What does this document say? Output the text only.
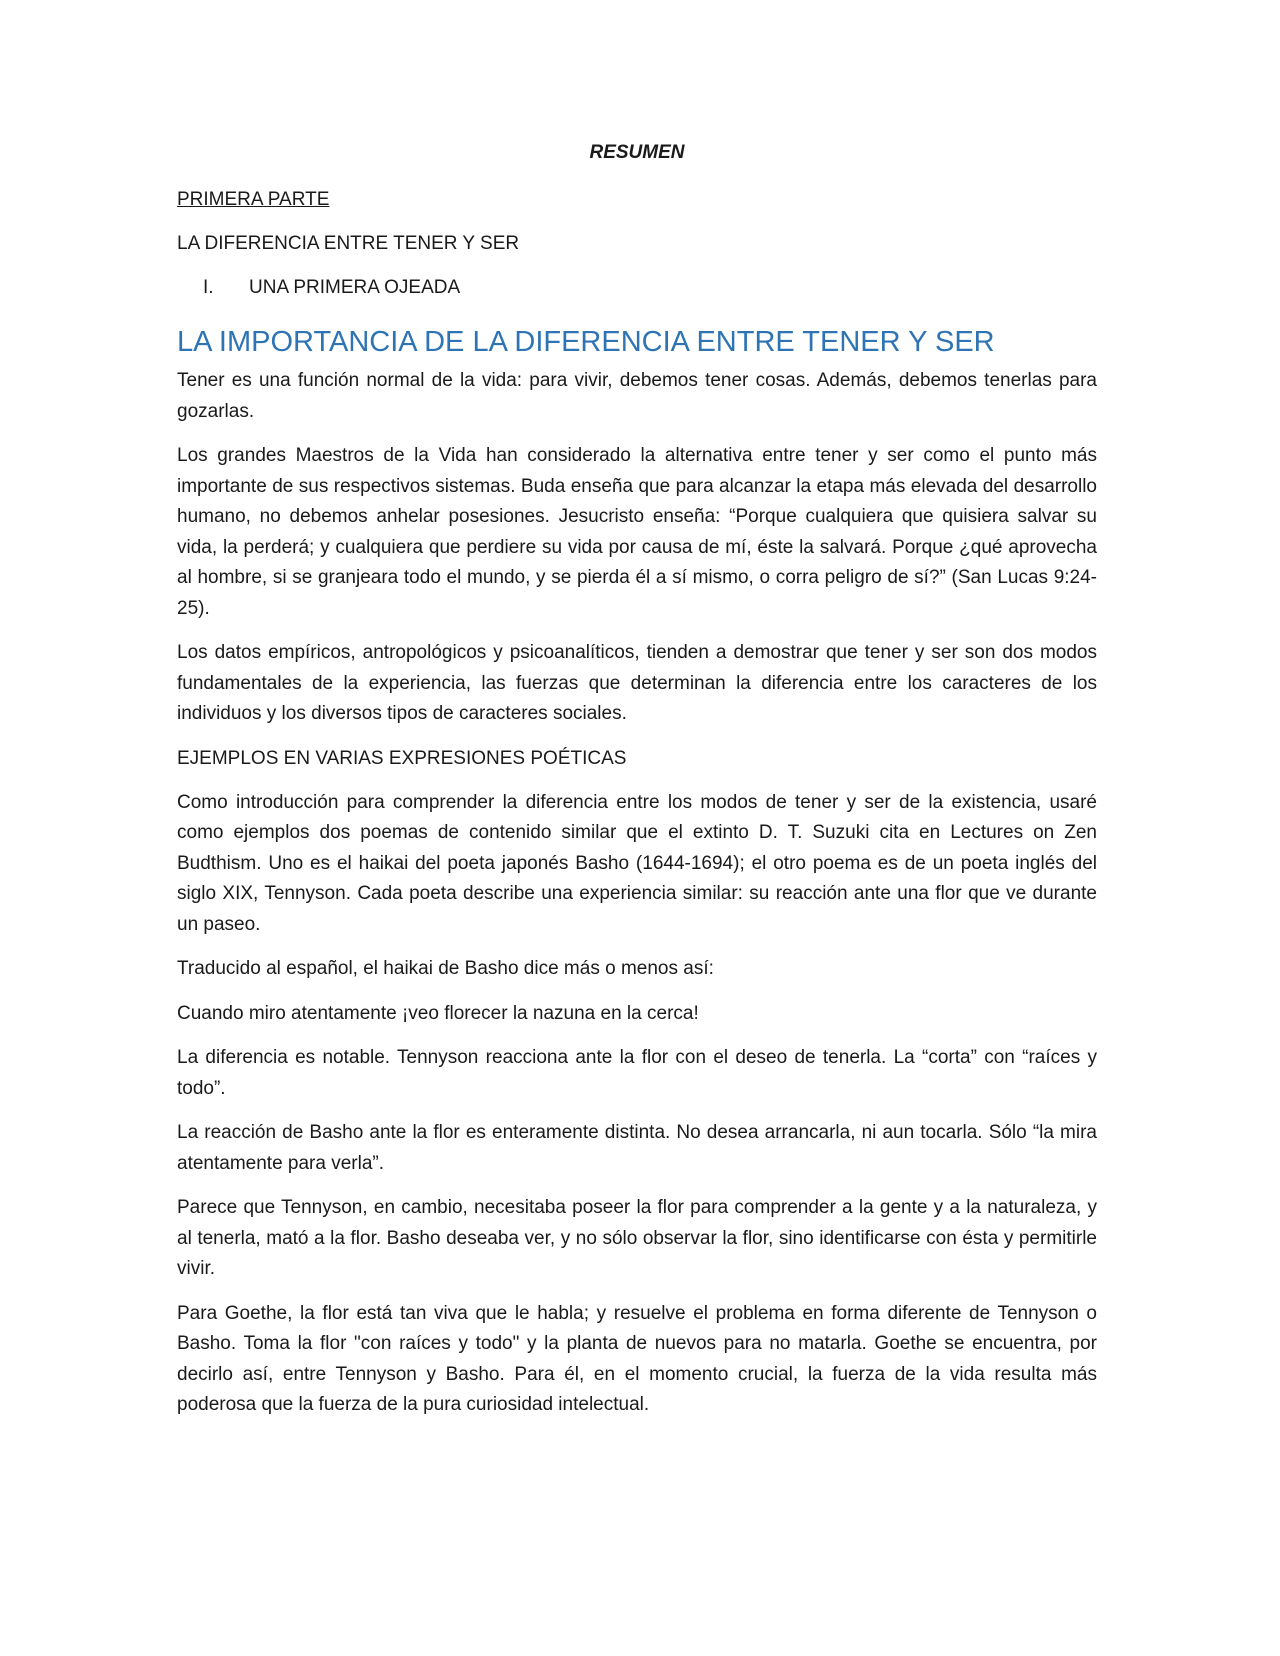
RESUMEN
PRIMERA PARTE
LA DIFERENCIA ENTRE TENER Y SER
I.	UNA PRIMERA OJEADA
LA IMPORTANCIA DE LA DIFERENCIA ENTRE TENER Y SER

Tener es una función normal de la vida: para vivir, debemos tener cosas. Además, debemos tenerlas para gozarlas.

Los grandes Maestros de la Vida han considerado la alternativa entre tener y ser como el punto más importante de sus respectivos sistemas. Buda enseña que para alcanzar la etapa más elevada del desarrollo humano, no debemos anhelar posesiones. Jesucristo enseña: “Porque cualquiera que quisiera salvar su vida, la perderá; y cualquiera que perdiere su vida por causa de mí, éste la salvará. Porque ¿qué aprovecha al hombre, si se granjeara todo el mundo, y se pierda él a sí mismo, o corra peligro de sí?” (San Lucas 9:24-25).

Los datos empíricos, antropológicos y psicoanalíticos, tienden a demostrar que tener y ser son dos modos fundamentales de la experiencia, las fuerzas que determinan la diferencia entre los caracteres de los individuos y los diversos tipos de caracteres sociales.

EJEMPLOS EN VARIAS EXPRESIONES POÉTICAS

Como introducción para comprender la diferencia entre los modos de tener y ser de la existencia, usaré como ejemplos dos poemas de contenido similar que el extinto D. T. Suzuki cita en Lectures on Zen Budthism. Uno es el haikai del poeta japonés Basho (1644-1694); el otro poema es de un poeta inglés del siglo XIX, Tennyson. Cada poeta describe una experiencia similar: su reacción ante una flor que ve durante un paseo.

Traducido al español, el haikai de Basho dice más o menos así:

Cuando miro atentamente ¡veo florecer la nazuna en la cerca!

La diferencia es notable. Tennyson reacciona ante la flor con el deseo de tenerla. La “corta” con “raíces y todo”.

La reacción de Basho ante la flor es enteramente distinta. No desea arrancarla, ni aun tocarla. Sólo “la mira atentamente para verla”.

Parece que Tennyson, en cambio, necesitaba poseer la flor para comprender a la gente y a la naturaleza, y al tenerla, mató a la flor. Basho deseaba ver, y no sólo observar la flor, sino identificarse con ésta y permitirle vivir.

Para Goethe, la flor está tan viva que le habla; y resuelve el problema en forma diferente de Tennyson o Basho. Toma la flor "con raíces y todo" y la planta de nuevos para no matarla. Goethe se encuentra, por decirlo así, entre Tennyson y Basho. Para él, en el momento crucial, la fuerza de la vida resulta más poderosa que la fuerza de la pura curiosidad intelectual.
